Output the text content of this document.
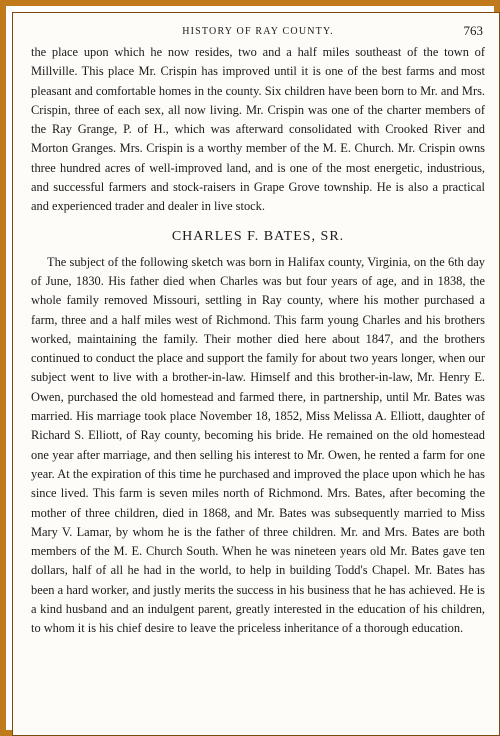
HISTORY OF RAY COUNTY.	763

the place upon which he now resides, two and a half miles southeast of the town of Millville. This place Mr. Crispin has improved until it is one of the best farms and most pleasant and comfortable homes in the county. Six children have been born to Mr. and Mrs. Crispin, three of each sex, all now living. Mr. Crispin was one of the charter members of the Ray Grange, P. of H., which was afterward consolidated with Crooked River and Morton Granges. Mrs. Crispin is a worthy member of the M. E. Church. Mr. Crispin owns three hundred acres of well-improved land, and is one of the most energetic, industrious, and successful farmers and stock-raisers in Grape Grove township. He is also a practical and experienced trader and dealer in live stock.

CHARLES F. BATES, SR.

The subject of the following sketch was born in Halifax county, Virginia, on the 6th day of June, 1830. His father died when Charles was but four years of age, and in 1838, the whole family removed Missouri, settling in Ray county, where his mother purchased a farm, three and a half miles west of Richmond. This farm young Charles and his brothers worked, maintaining the family. Their mother died here about 1847, and the brothers continued to conduct the place and support the family for about two years longer, when our subject went to live with a brother-in-law. Himself and this brother-in-law, Mr. Henry E. Owen, purchased the old homestead and farmed there, in partnership, until Mr. Bates was married. His marriage took place November 18, 1852, Miss Melissa A. Elliott, daughter of Richard S. Elliott, of Ray county, becoming his bride. He remained on the old homestead one year after marriage, and then selling his interest to Mr. Owen, he rented a farm for one year. At the expiration of this time he purchased and improved the place upon which he has since lived. This farm is seven miles north of Richmond. Mrs. Bates, after becoming the mother of three children, died in 1868, and Mr. Bates was subsequently married to Miss Mary V. Lamar, by whom he is the father of three children. Mr. and Mrs. Bates are both members of the M. E. Church South. When he was nineteen years old Mr. Bates gave ten dollars, half of all he had in the world, to help in building Todd's Chapel. Mr. Bates has been a hard worker, and justly merits the success in his business that he has achieved. He is a kind husband and an indulgent parent, greatly interested in the education of his children, to whom it is his chief desire to leave the priceless inheritance of a thorough education.
